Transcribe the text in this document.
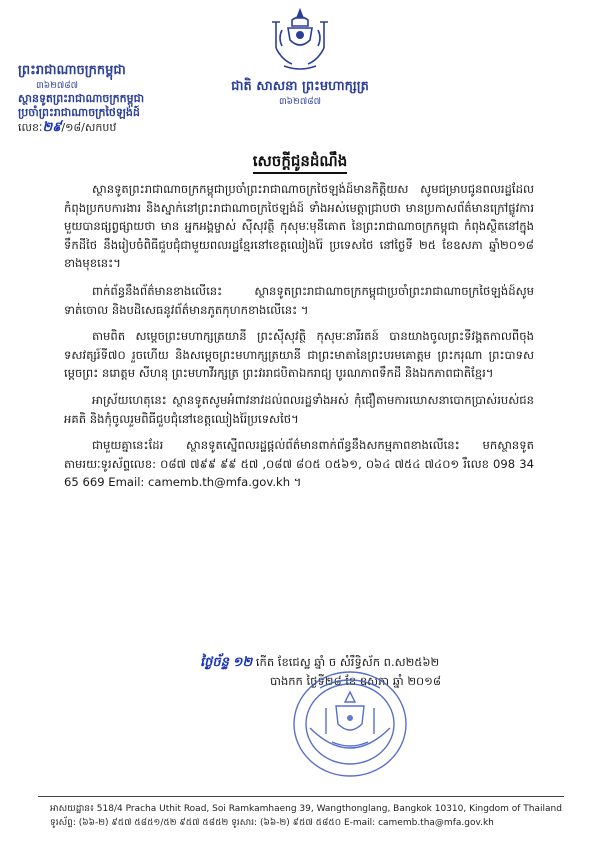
ព្រះរាជាណាចក្រកម្ពុជា
៣៦២៧៨៧
ស្ថានទូតព្រះរាជាណាចក្រកម្ពុជា
ប្រចាំព្រះរាជាណាចក្រថៃឡង់ដ៍
លេខៈ២៩/១៨/សកបឋ
ជាតិ សាសនា ព្រះមហាក្សត្រ
៣៦២៧៨៧
សេចក្តីជូនដំណឹង

ស្ថានទូតព្រះរាជាណាចក្រកម្ពុជាប្រចាំព្រះរាជាណាចក្រថៃឡង់ដ៍មានកិត្តិយស សូមជម្រាបជូនពលរដ្ឋដែលកំពុងប្រកបការងារ និងស្នាក់នៅព្រះរាជាណាចក្រថៃឡង់ដ៍ ទាំងអស់មេត្តាជ្រាបថា មានប្រកាសព័ត៌មានក្រៅផ្លូវការមួយបានផ្សព្វផ្សាយថា មាន អ្នកអង្គម្ចាស់ ស៊ីសុវត្ថិ កុសុមៈមុនីគោត នៃព្រះរាជាណាចក្រកម្ពុជា កំពុងស្ថិតនៅក្នុងទឹកដីថៃ នឹងរៀបចំពិធីជួបជុំជាមួយពលរដ្ឋខ្មែរនៅខេត្តឈៀងរ៉ៃ ប្រទេសថៃ នៅថ្ងៃទី ២៥ ខែឧសភា ឆ្នាំ២០១៨ ខាងមុខនេះ។

ពាក់ព័ន្ធនឹងព័ត៌មានខាងលើនេះ ស្ថានទូតព្រះរាជាណាចក្រកម្ពុជាប្រចាំព្រះរាជាណាចក្រថៃឡង់ដ៍សូមទាត់ចោល និងបដិសេធនូវព័ត៌មានភូតកុហកខាងលើនេះ ។

តាមពិត សម្តេចព្រះមហាក្សត្រយានី ព្រះស៊ីសុវត្ថិ កុសុមៈនារីរតន៍ បានយាងចូលព្រះទីវង្គតកាលពីចុងទសវត្សរ៍ទី៧០ រួចហើយ និងសម្តេចព្រះមហាក្សត្រយានី ជាព្រះមាតានៃព្រះបរមគោត្តម ព្រះករុណា ព្រះបាទសម្តេចព្រះ នរោត្តម សីហនុ ព្រះមហាវីរក្សត្រ ព្រះវររាជបិតាឯករាជ្យ បូរណភាពទឹកដី និងឯកភាពជាតិខ្មែរ។

អាស្រ័យហេតុនេះ ស្ថានទូតសូមអំពាវនាវដល់ពលរដ្ឋទាំងអស់ កុំជឿតាមការឃោសនាបោកប្រាស់របស់ជនអគតិ និងកុំចូលរួមពិធីជួបជុំនៅខេត្តឈៀងរ៉ៃប្រទេសថៃ។

ជាមួយគ្នានេះដែរ ស្ថានទូតស្នើពលរដ្ឋផ្តល់ព័ត៌មានពាក់ព័ន្ធនឹងសកម្មភាពខាងលើនេះ មកស្ថានទូត តាមរយៈទូរស័ព្ទលេខ: ០៨៧ ៧៩៩ ៩៩ ៥៧ ,០៨៧ ៨០៥ ០៥៦១, ០៦៤ ៧៥៤ ៧៤០១ រឺលេខ 098 34 65 669 Email: camemb.th@mfa.gov.kh ។

ថ្ងៃច័ន្ទ ១២ កើត ខែជេស្ឋ ឆ្នាំ ច សំរឹទ្ធិស័ក ព.ស២៥៦២
បាងកក ថ្ងៃទី២៨ ខែ ឧសភា ឆ្នាំ ២០១៨
អាសយដ្ឋាន៖ 518/4 Pracha Uthit Road, Soi Ramkamhaeng 39, Wangthonglang, Bangkok 10310, Kingdom of Thailand
ទូរស័ព្ទ: (៦៦-២) ៩៥៧ ៥៨៥១/៥២ ៩៥៧ ៥៨៥២ ទូរសារ: (៦៦-២) ៩៥៧ ៥៨៥០ E-mail: camemb.tha@mfa.gov.kh
